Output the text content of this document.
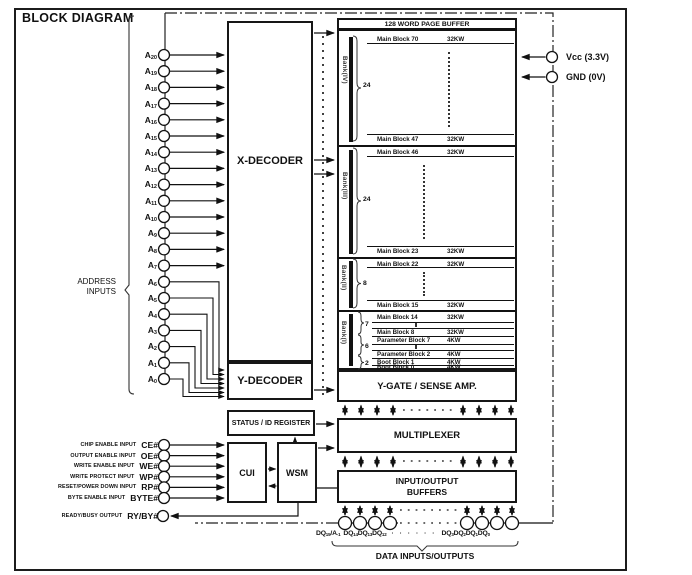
BLOCK DIAGRAM
$A_{20}$
$A_{19}$
$A_{18}$
$A_{17}$
$A_{16}$
$A_{15}$
$A_{14}$
$A_{13}$
$A_{12}$
$A_{11}$
$A_{10}$
$A_9$
$A_8$
$A_7$
$A_6$
$A_5$
$A_4$
$A_3$
$A_2$
$A_1$
$A_0$
ADDRESS INPUTS
X-DECODER
Y-DECODER
128 WORD PAGE BUFFER
Bank(IV)
24
Main Block 70	32KW
Main Block 47	32KW
Bank(III) 24
Main Block 46	32KW
Main Block 23	32KW
Bank(II) 8
Main Block 22	32KW
Main Block 15	32KW
Bank(I)	7
6
2
Main Block 14	32KW
Main Block 8	32KW
Parameter Block 7	4KW
Parameter Block 2	4KW
Boot Block 1	4KW
Boot Block 0	4KW
Y-GATE / SENSE AMP.
STATUS / ID REGISTER
MULTIPLEXER
CUI	WSM
INPUT/OUTPUT BUFFERS
CHIP ENABLE INPUT CE#
OUTPUT ENABLE INPUT OE#
WRITE ENABLE INPUT WE#
WRITE PROTECT INPUT WP#
RESET/POWER DOWN INPUT RP#
BYTE ENABLE INPUT BYTE#
READY/BUSY OUTPUT RY/BY#
Vcc (3.3V)
GND (0V)
$DQ_{15}/A_{-1}$ $DQ_{14}$ $DQ_{13}$ $DQ_{12}$ · · · · · · $DQ_3$ $DQ_2$ $DQ_1$ $DQ_0$
DATA INPUTS/OUTPUTS
